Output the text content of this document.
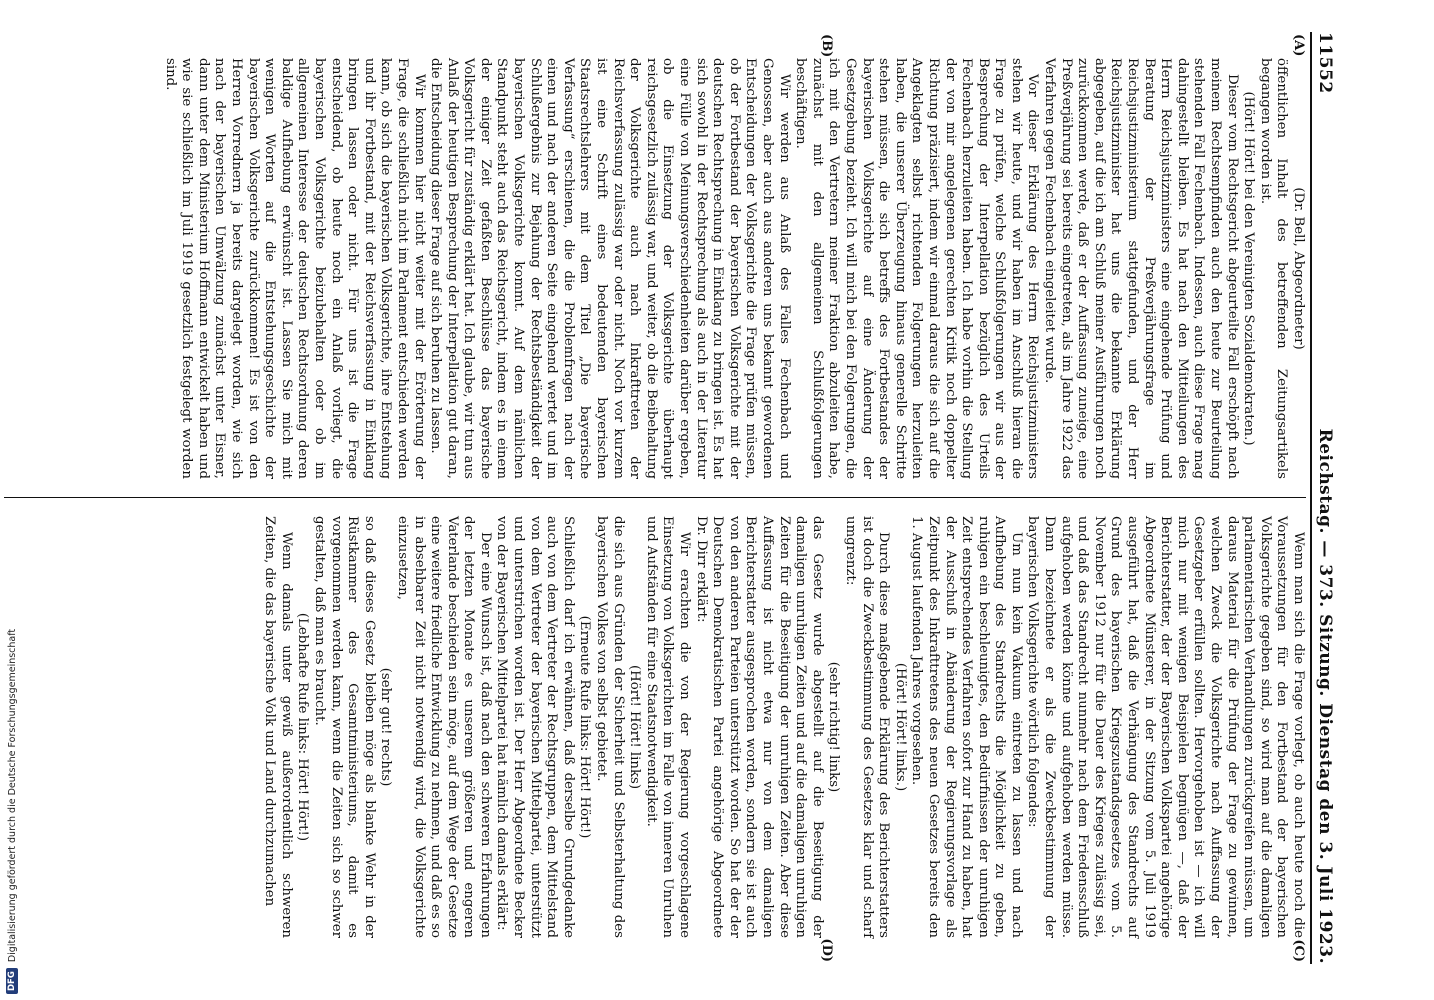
11552
Reichstag. — 373. Sitzung. Dienstag den 3. Juli 1923.
(A)
(B)

(Dr. Bell, Abgeordneter)

öffentlichen Inhalt des betreffenden Zeitungsartikels begangen worden ist.

(Hört! Hört! bei den Vereinigten Sozialdemokraten.)

Dieser vom Rechtsgericht abgeurteilte Fall erschöpft nach meinem Rechtsempfinden auch den heute zur Beurteilung stehenden Fall Fechenbach. Indessen, auch diese Frage mag dahingestellt bleiben. Es hat nach den Mitteilungen des Herrn Reichsjustizministers eine eingehende Prüfung und Beratung der Preßverjährungsfrage im Reichsjustizministerium stattgefunden, und der Herr Reichsjustizminister hat uns die bekannte Erklärung abgegeben, auf die ich am Schluß meiner Ausführungen noch zurückkommen werde, daß er der Auffassung zuneige, eine Preßverjährung sei bereits eingetreten, als im Jahre 1922 das Verfahren gegen Fechenbach eingeleitet wurde.

Vor dieser Erklärung des Herrn Reichsjustizministers stehen wir heute, und wir haben im Anschluß hieran die Frage zu prüfen, welche Schlußfolgerungen wir aus der Besprechung der Interpellation bezüglich des Urteils Fechenbach herzuleiten haben. Ich habe vorhin die Stellung der von mir angelegenen gerechten Kritik noch doppelter Richtung präzisiert, indem wir einmal daraus die sich auf die Angeklagten selbst richtenden Folgerungen herzuleiten haben, die unserer Überzeugung hinaus generelle Schritte stehen müssen, die sich betreffs des Fortbestandes der bayerischen Volksgerichte auf eine Änderung der Gesetzgebung bezieht. Ich will mich bei den Folgerungen, die ich mit den Vertretern meiner Fraktion abzuleiten habe, zunächst mit den allgemeinen Schlußfolgerungen beschäftigen.

Wir werden aus Anlaß des Falles Fechenbach und Genossen, aber auch aus anderen uns bekannt gewordenen Entscheidungen der Volksgerichte die Frage prüfen müssen, ob der Fortbestand der bayerischen Volksgerichte mit der deutschen Rechtsprechung in Einklang zu bringen ist. Es hat sich sowohl in der Rechtsprechung als auch in der Literatur eine Fülle von Meinungsverschiedenheiten darüber ergeben, ob die Einsetzung der Volksgerichte überhaupt reichsgesetzlich zulässig war, und weiter, ob die Beibehaltung der Volksgerichte auch nach Inkrafttreten der Reichsverfassung zulässig war oder nicht. Noch vor kurzem ist eine Schrift eines bedeutenden bayerischen Staatsrechtslehrers mit dem Titel „Die bayerische Verfassung“ erschienen, die die Problemfragen nach der einen und nach der anderen Seite eingehend wertet und im Schlußergebnis zur Bejahung der Rechtsbeständigkeit der bayerischen Volksgerichte kommt. Auf dem nämlichen Standpunkt steht auch das Reichsgericht, indem es in einem der einiger Zeit gefaßten Beschlüsse das bayerische Volksgericht für zuständig erklärt hat. Ich glaube, wir tun aus Anlaß der heutigen Besprechung der Interpellation gut daran, die Entscheidung dieser Frage auf sich beruhen zu lassen.

Wir kommen hier nicht weiter mit der Erörterung der Frage, die schließlich nicht im Parlament entschieden werden kann, ob sich die bayerischen Volksgerichte, ihre Entstehung und ihr Fortbestand, mit der Reichsverfassung in Einklang bringen lassen oder nicht. Für uns ist die Frage entscheidend, ob heute noch ein Anlaß vorliegt, die bayerischen Volksgerichte beizubehalten oder ob im allgemeinen Interesse der deutschen Rechtsordnung deren baldige Aufhebung erwünscht ist. Lassen Sie mich mit wenigen Worten auf die Entstehungsgeschichte der bayerischen Volksgerichte zurückkommen! Es ist von den Herren Vorrednern ja bereits dargelegt worden, wie sich nach der bayerischen Umwälzung zunächst unter Eisner, dann unter dem Ministerium Hoffmann entwickelt haben und wie sie schließlich im Juli 1919 gesetzlich festgelegt worden sind.

(C)
(D)

Wenn man sich die Frage vorlegt, ob auch heute noch die Voraussetzungen für den Fortbestand der bayerischen Volksgerichte gegeben sind, so wird man auf die damaligen parlamentarischen Verhandlungen zurückgreifen müssen, um daraus Material für die Prüfung der Frage zu gewinnen, welchen Zweck die Volksgerichte nach Auffassung der Gesetzgeber erfüllen sollten. Hervorgehoben ist — ich will mich nur mit wenigen Beispielen begnügen —, daß der Berichterstatter, der der Bayerischen Volkspartei angehörige Abgeordnete Münsterer, in der Sitzung vom 5. Juli 1919 ausgeführt hat, daß die Verhängung des Standrechts auf Grund des bayerischen Kriegszustandsgesetzes vom 5. November 1912 nur für die Dauer des Krieges zulässig sei, und daß das Standrecht nunmehr nach dem Friedensschluß aufgehoben werden könne und aufgehoben werden müsse. Dann bezeichnete er als die Zweckbestimmung der bayerischen Volksgerichte wörtlich folgendes:

Um nun kein Vakuum eintreten zu lassen und nach Aufhebung des Standrechts die Möglichkeit zu geben, ruhigen ein beschleunigtes, den Bedürfnissen der unruhigen Zeit entsprechendes Verfahren sofort zur Hand zu haben, hat der Ausschuß in Abänderung der Regierungsvorlage als Zeitpunkt des Inkrafttretens des neuen Gesetzes bereits den 1. August laufenden Jahres vorgesehen.

(Hört! Hört! links.)

Durch diese maßgebende Erklärung des Berichterstatters ist doch die Zweckbestimmung des Gesetzes klar und scharf umgrenzt:

(sehr richtig! links)

das Gesetz wurde abgestellt auf die Beseitigung der damaligen unruhigen Zeiten und auf die damaligen unruhigen Zeiten für die Beseitigung der unruhigen Zeiten. Aber diese Auffassung ist nicht etwa nur von dem damaligen Berichterstatter ausgesprochen worden, sondern sie ist auch von den anderen Parteien unterstützt worden. So hat der der Deutschen Demokratischen Partei angehörige Abgeordnete Dr. Dirr erklärt:

Wir erachten die von der Regierung vorgeschlagene Einsetzung von Volksgerichten im Falle von inneren Unruhen und Aufständen für eine Staatsnotwendigkeit.

(Hört! Hört! links)

die sich aus Gründen der Sicherheit und Selbsterhaltung des bayerischen Volkes von selbst gebietet.

(Erneute Rufe links: Hört! Hört!)

Schließlich darf ich erwähnen, daß derselbe Grundgedanke auch von dem Vertreter der Rechtsgruppen, dem Mittelstand von dem Vertreter der bayerischen Mittelpartei, unterstützt und unterstrichen worden ist. Der Herr Abgeordnete Becker von der Bayerischen Mittelpartei hat nämlich damals erklärt:

Der eine Wunsch ist, daß nach den schweren Erfahrungen der letzten Monate es unserem größeren und engeren Vaterlande beschieden sein möge, auf dem Wege der Gesetze eine weitere friedliche Entwicklung zu nehmen, und daß es so in absehbarer Zeit nicht notwendig wird, die Volksgerichte einzusetzen,

(sehr gut! rechts)

so daß dieses Gesetz bleiben möge als blanke Wehr in der Rüstkammer des Gesamtministeriums, damit es vorgenommen werden kann, wenn die Zeiten sich so schwer gestalten, daß man es braucht.

(Lebhafte Rufe links: Hört! Hört!)

Wenn damals unter gewiß außerordentlich schweren Zeiten, die das bayerische Volk und Land durchzumachen

DFG
Digitalisierung gefördert durch die Deutsche Forschungsgemeinschaft
